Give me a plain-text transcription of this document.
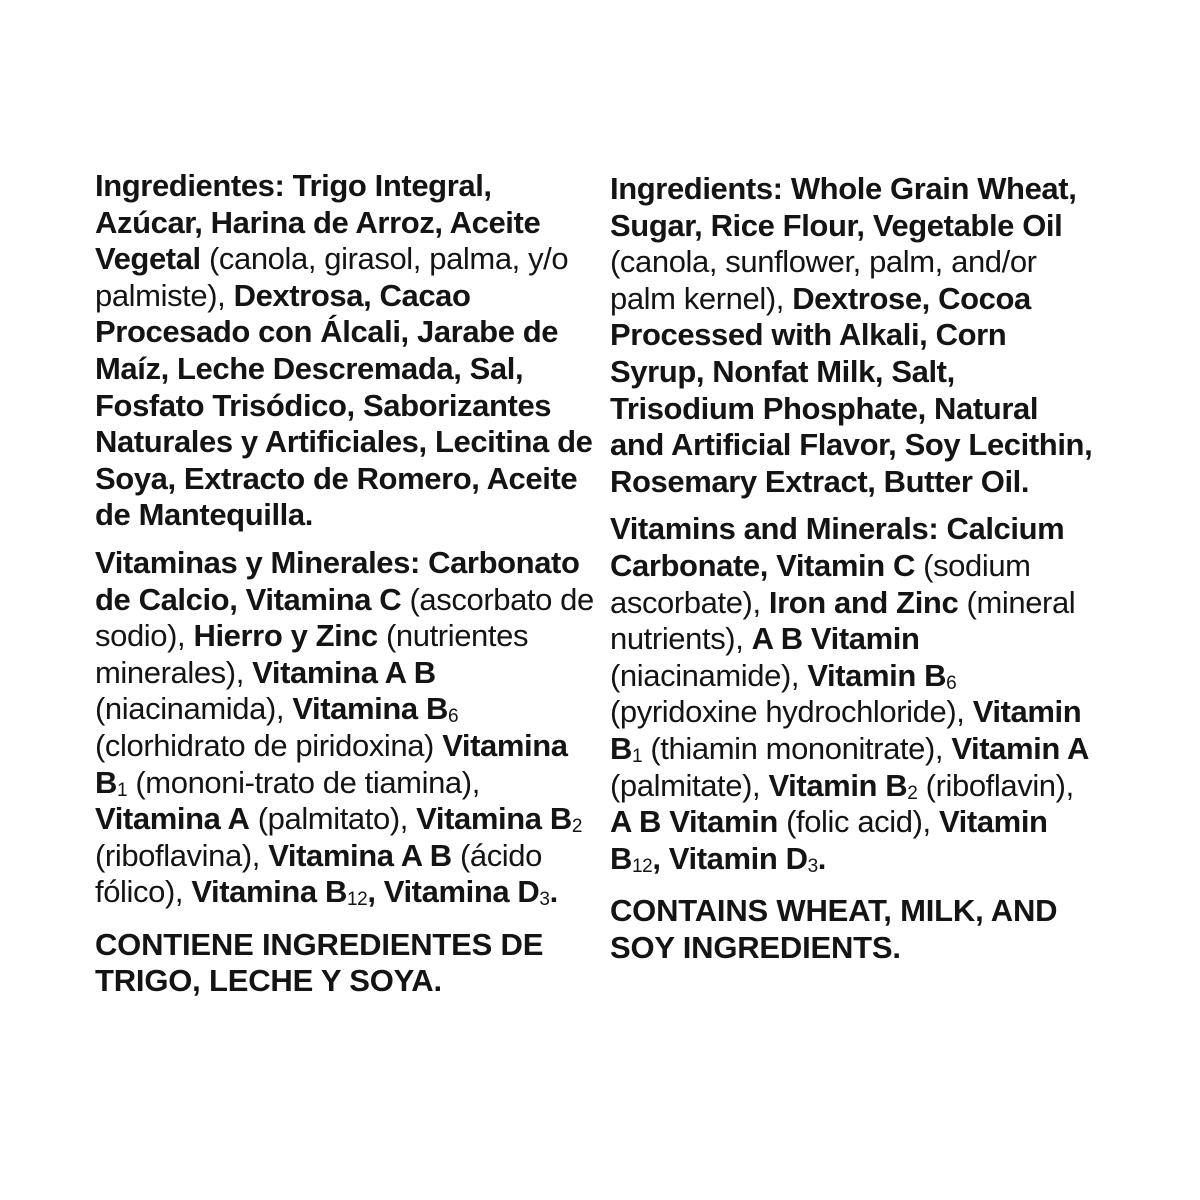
Ingredientes: Trigo Integral, Azúcar, Harina de Arroz, Aceite Vegetal (canola, girasol, palma, y/o palmiste), Dextrosa, Cacao Procesado con Álcali, Jarabe de Maíz, Leche Descremada, Sal, Fosfato Trisódico, Saborizantes Naturales y Artificiales, Lecitina de Soya, Extracto de Romero, Aceite de Mantequilla.

Vitaminas y Minerales: Carbonato de Calcio, Vitamina C (ascorbato de sodio), Hierro y Zinc (nutrientes minerales), Vitamina A B (niacinamida), Vitamina $B_6$ (clorhidrato de piridoxina) Vitamina $B_1$ (mononi-trato de tiamina), Vitamina A (palmitato), Vitamina $B_2$ (riboflavina), Vitamina A B (ácido fólico), Vitamina $B_{12}$, Vitamina $D_3$.

CONTIENE INGREDIENTES DE TRIGO, LECHE Y SOYA.

Ingredients: Whole Grain Wheat, Sugar, Rice Flour, Vegetable Oil (canola, sunflower, palm, and/or palm kernel), Dextrose, Cocoa Processed with Alkali, Corn Syrup, Nonfat Milk, Salt, Trisodium Phosphate, Natural and Artificial Flavor, Soy Lecithin, Rosemary Extract, Butter Oil.

Vitamins and Minerals: Calcium Carbonate, Vitamin C (sodium ascorbate), Iron and Zinc (mineral nutrients), A B Vitamin (niacinamide), Vitamin $B_6$ (pyridoxine hydrochloride), Vitamin $B_1$ (thiamin mononitrate), Vitamin A (palmitate), Vitamin $B_2$ (riboflavin), A B Vitamin (folic acid), Vitamin $B_{12}$, Vitamin $D_3$.

CONTAINS WHEAT, MILK, AND SOY INGREDIENTS.
